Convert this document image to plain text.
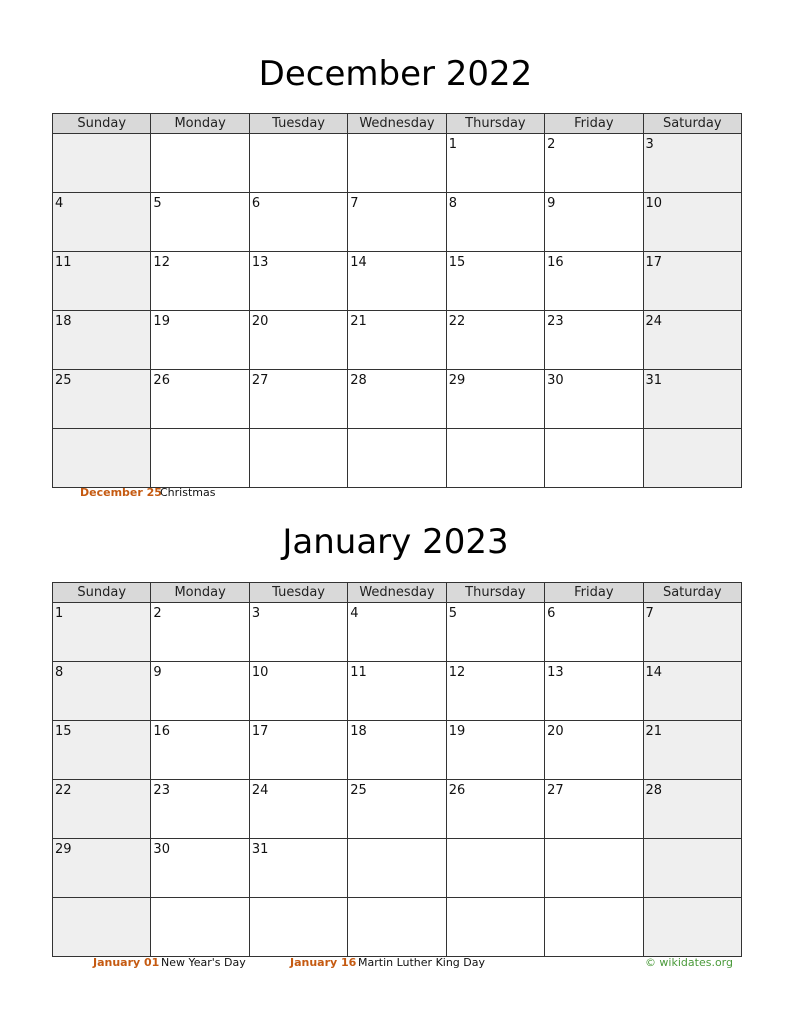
December 2022
Sunday	Monday	Tuesday	Wednesday	Thursday	Friday	Saturday
				1	2	3
4	5	6	7	8	9	10
11	12	13	14	15	16	17
18	19	20	21	22	23	24
25	26	27	28	29	30	31

December 25
Christmas
January 2023
Sunday	Monday	Tuesday	Wednesday	Thursday	Friday	Saturday
1	2	3	4	5	6	7
8	9	10	11	12	13	14
15	16	17	18	19	20	21
22	23	24	25	26	27	28
29	30	31				

January 01 New Year's Day	January 16 Martin Luther King Day	© wikidates.org
